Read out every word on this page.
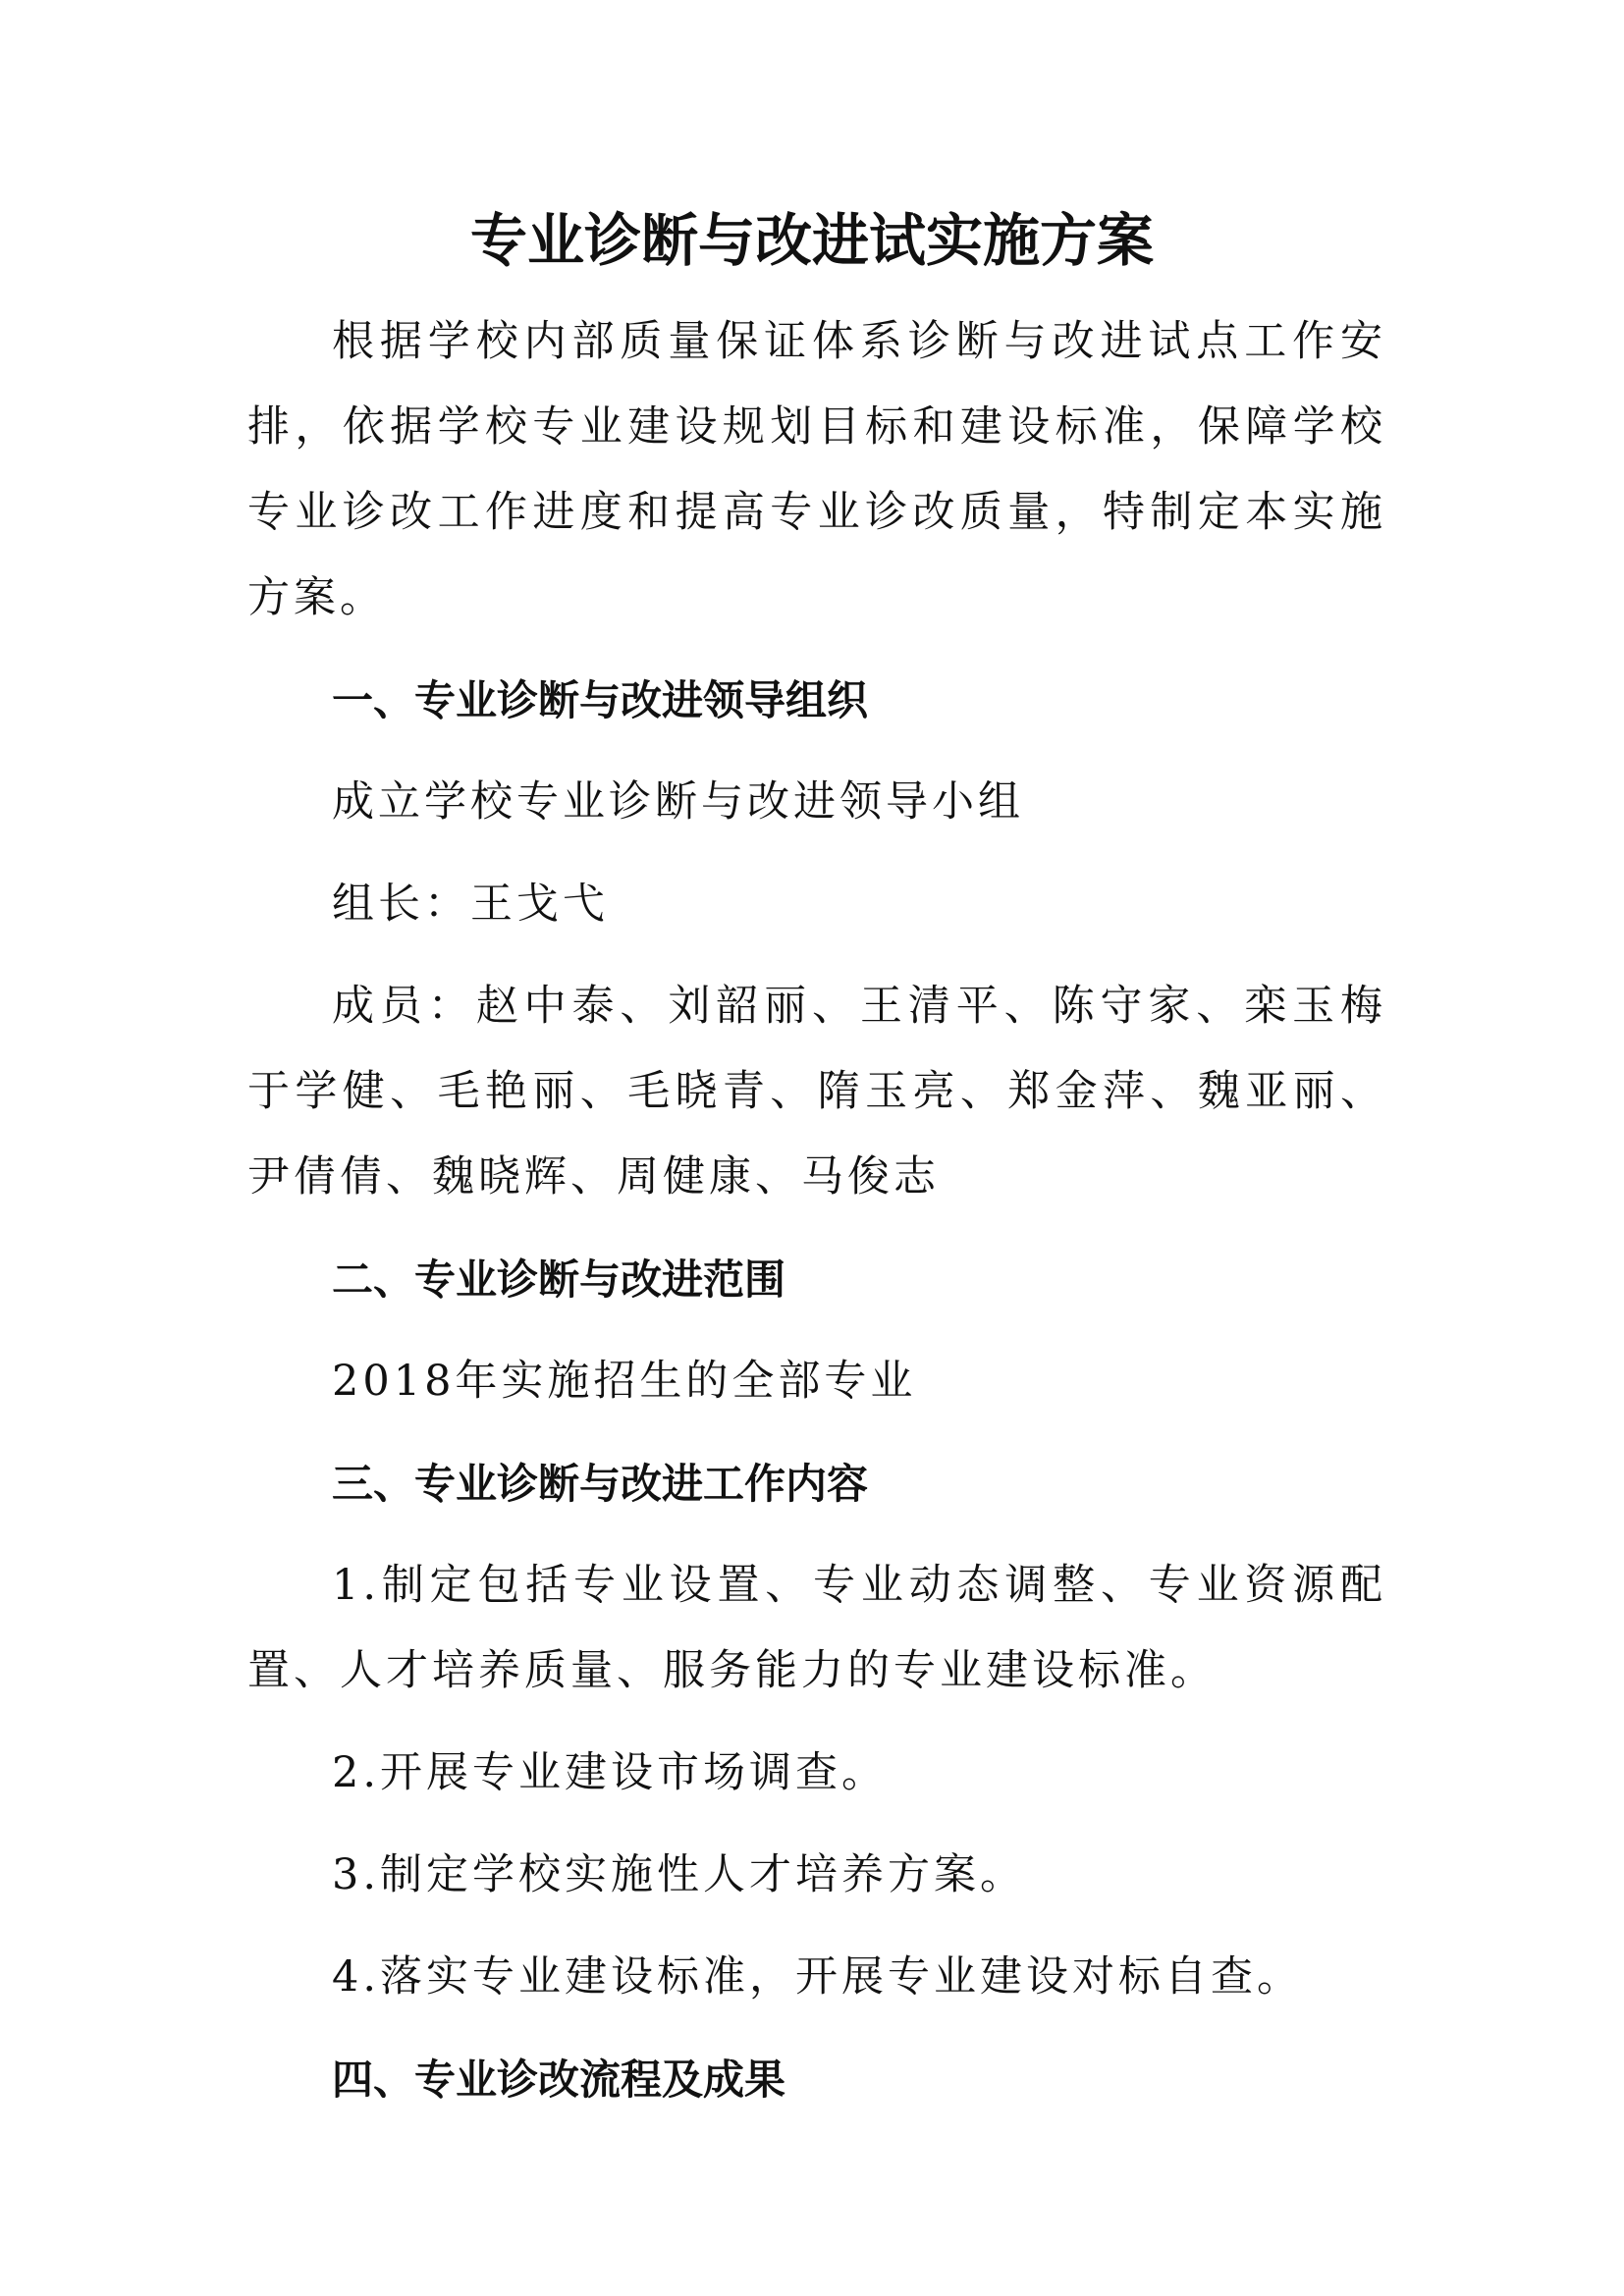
专业诊断与改进试实施方案

根据学校内部质量保证体系诊断与改进试点工作安排，依据学校专业建设规划目标和建设标准，保障学校专业诊改工作进度和提高专业诊改质量，特制定本实施方案。

一、专业诊断与改进领导组织

成立学校专业诊断与改进领导小组

组长：王戈弋

成员：赵中泰、刘韶丽、王清平、陈守家、栾玉梅于学健、毛艳丽、毛晓青、隋玉亮、郑金萍、魏亚丽、尹倩倩、魏晓辉、周健康、马俊志

二、专业诊断与改进范围

2018年实施招生的全部专业

三、专业诊断与改进工作内容

1.制定包括专业设置、专业动态调整、专业资源配置、人才培养质量、服务能力的专业建设标准。

2.开展专业建设市场调查。

3.制定学校实施性人才培养方案。

4.落实专业建设标准，开展专业建设对标自查。

四、专业诊改流程及成果
